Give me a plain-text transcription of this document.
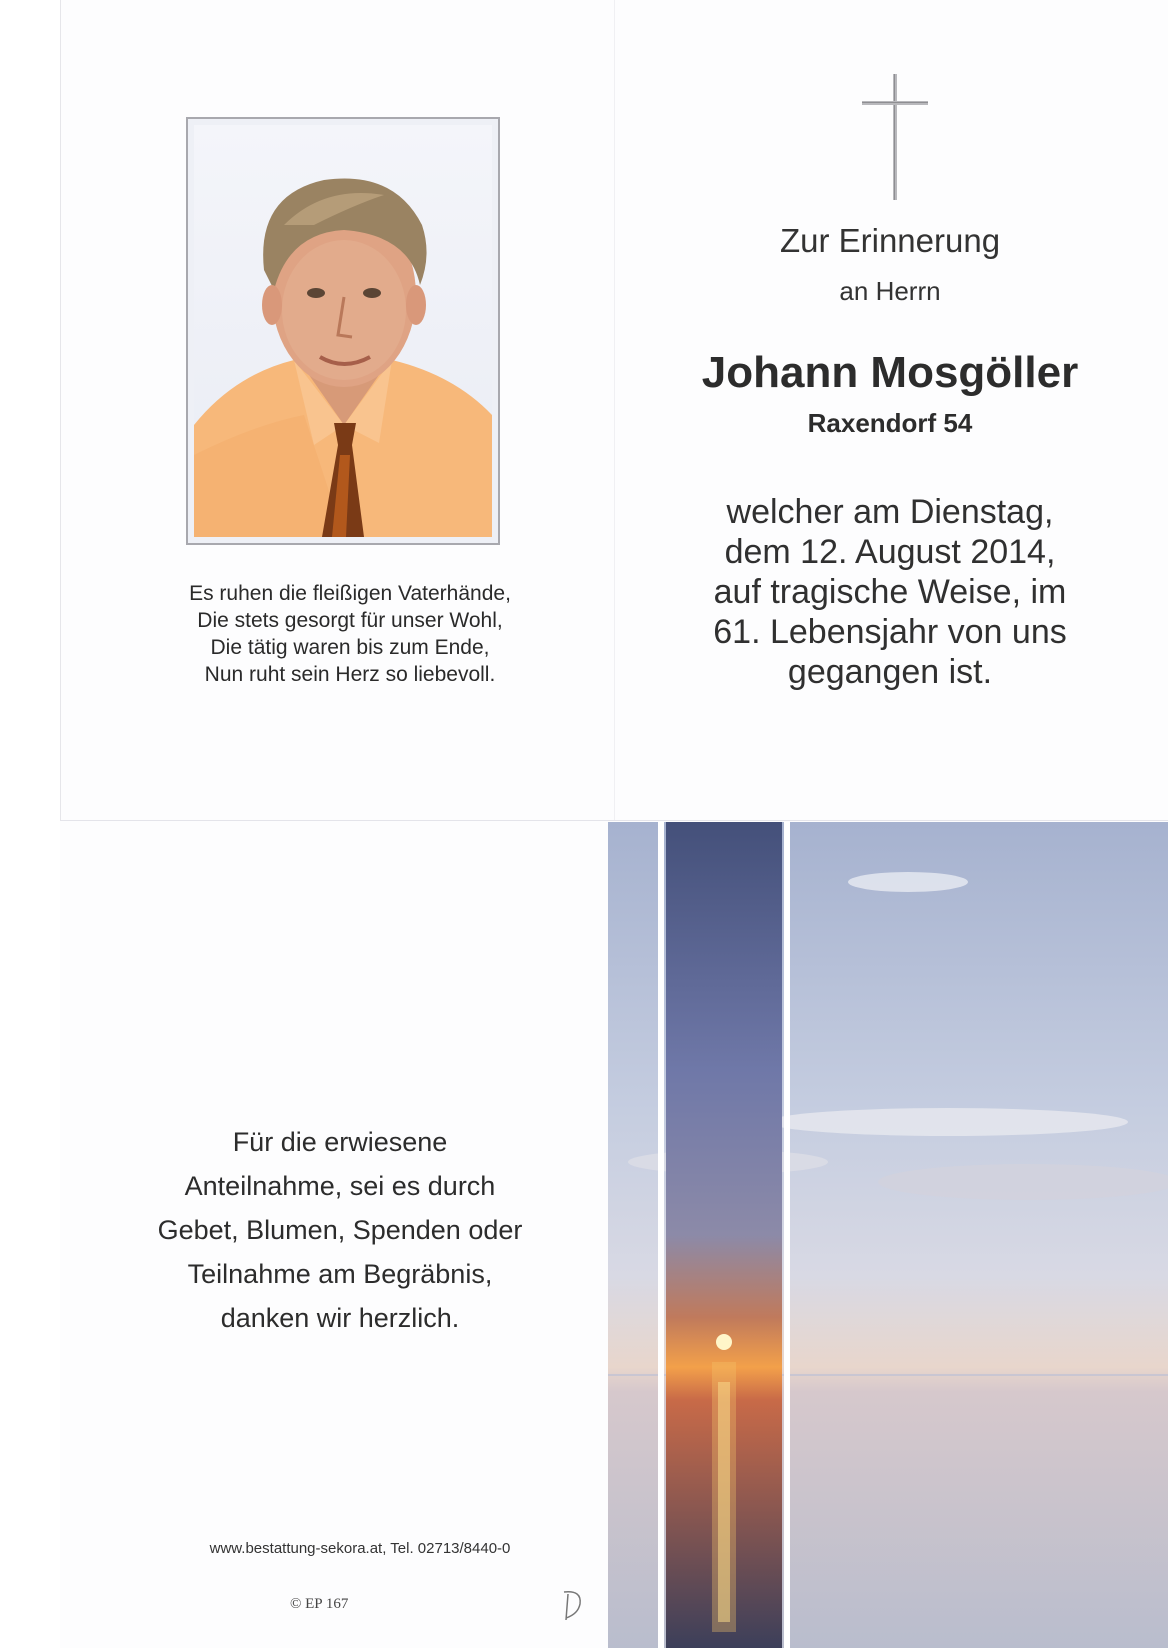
Es ruhen die fleißigen Vaterhände,
Die stets gesorgt für unser Wohl,
Die tätig waren bis zum Ende,
Nun ruht sein Herz so liebevoll.
Zur Erinnerung
an Herrn
Johann Mosgöller
Raxendorf 54
welcher am Dienstag,
dem 12. August 2014,
auf tragische Weise, im
61. Lebensjahr von uns
gegangen ist.
Für die erwiesene
Anteilnahme, sei es durch
Gebet, Blumen, Spenden oder
Teilnahme am Begräbnis,
danken wir herzlich.
www.bestattung-sekora.at, Tel. 02713/8440-0
© EP 167
